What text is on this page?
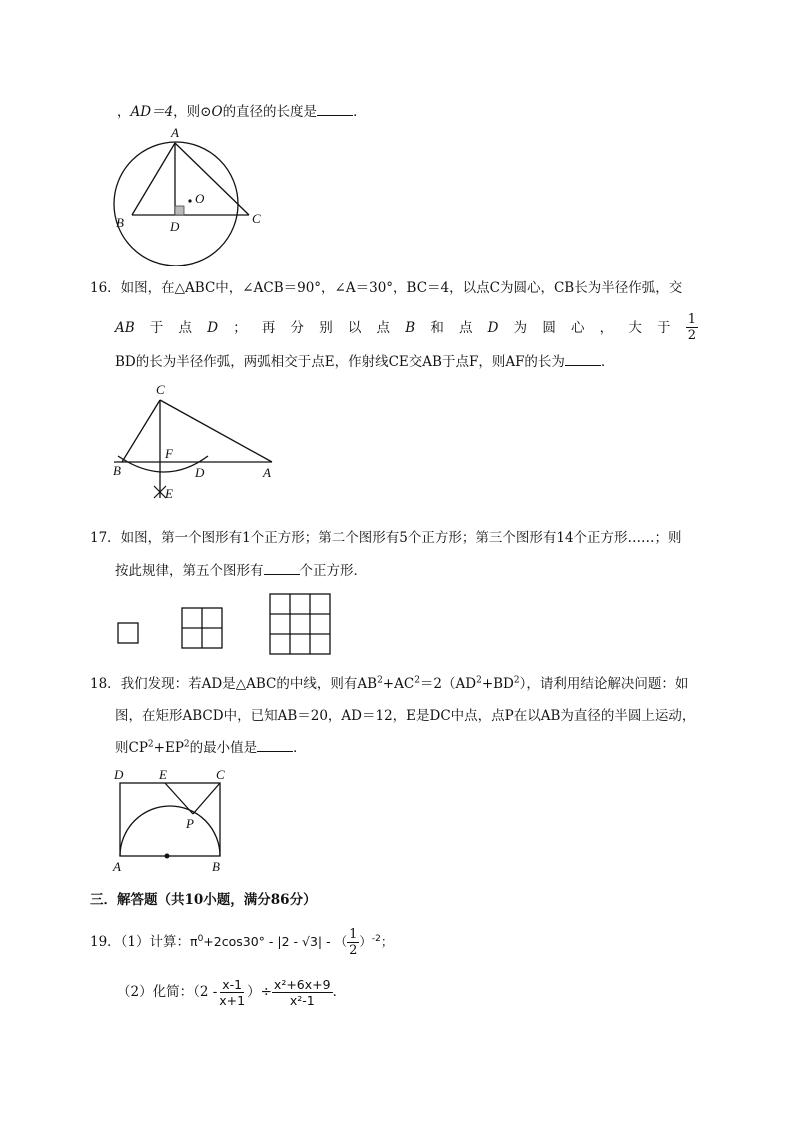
，AD＝4，则⊙O的直径的长度是	．
A
O
B	C
D
16．如图，在△ABC中，∠ACB＝90°，∠A＝30°，BC＝4，以点C为圆心，CB长为半径作弧，交
AB 于 点 D ； 再 分 别 以 点 B 和 点 D 为 圆 心 ， 大 于 $\frac{1}{2}$
BD的长为半径作弧，两弧相交于点E，作射线CE交AB于点F，则AF的长为	．
C
F
B	D	A
E
17．如图，第一个图形有1个正方形；第二个图形有5个正方形；第三个图形有14个正方形……；则
按此规律，第五个图形有	个正方形．
18．我们发现：若AD是△ABC的中线，则有$AB^2+AC^2=2(AD^2+BD^2)$，请利用结论解决问题：如
图，在矩形ABCD中，已知AB＝20，AD＝12，E是DC中点，点P在以AB为直径的半圆上运动，
则$CP^2+EP^2$的最小值是	．
D	E	C
P
A	B
三．解答题（共10小题，满分86分）
19．（1）计算： $\pi^0+2\cos 30^\circ - |2 - √3|$ - （ $\frac{1}{2} )^{-2}$；
（2）化简：（$2 - \frac{x-1}{x+1}$ ）÷ $\frac{\text{x²+6x+9}}{\text{x²-1}}$ ．
